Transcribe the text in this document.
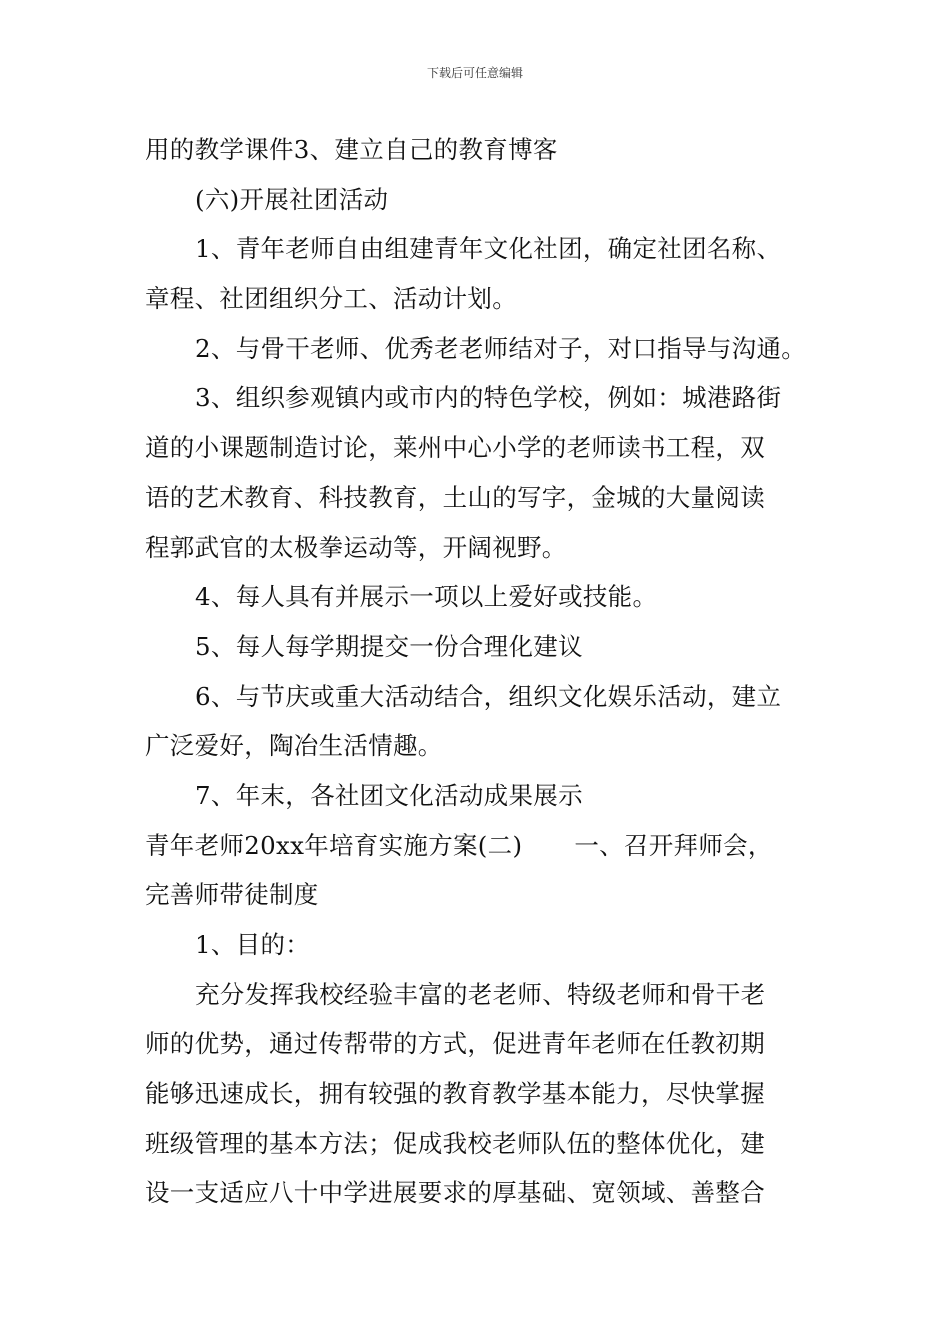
下载后可任意编辑
用的教学课件3、建立自己的教育博客
(六)开展社团活动
1、青年老师自由组建青年文化社团，确定社团名称、
章程、社团组织分工、活动计划。
2、与骨干老师、优秀老老师结对子，对口指导与沟通。
3、组织参观镇内或市内的特色学校，例如：城港路街
道的小课题制造讨论，莱州中心小学的老师读书工程，双
语的艺术教育、科技教育，土山的写字，金城的大量阅读
程郭武官的太极拳运动等，开阔视野。
4、每人具有并展示一项以上爱好或技能。
5、每人每学期提交一份合理化建议
6、与节庆或重大活动结合，组织文化娱乐活动，建立
广泛爱好，陶冶生活情趣。
7、年末，各社团文化活动成果展示
青年老师20xx年培育实施方案(二) 一、召开拜师会，
完善师带徒制度
1、目的：
充分发挥我校经验丰富的老老师、特级老师和骨干老
师的优势，通过传帮带的方式，促进青年老师在任教初期
能够迅速成长，拥有较强的教育教学基本能力，尽快掌握
班级管理的基本方法；促成我校老师队伍的整体优化，建
设一支适应八十中学进展要求的厚基础、宽领域、善整合
